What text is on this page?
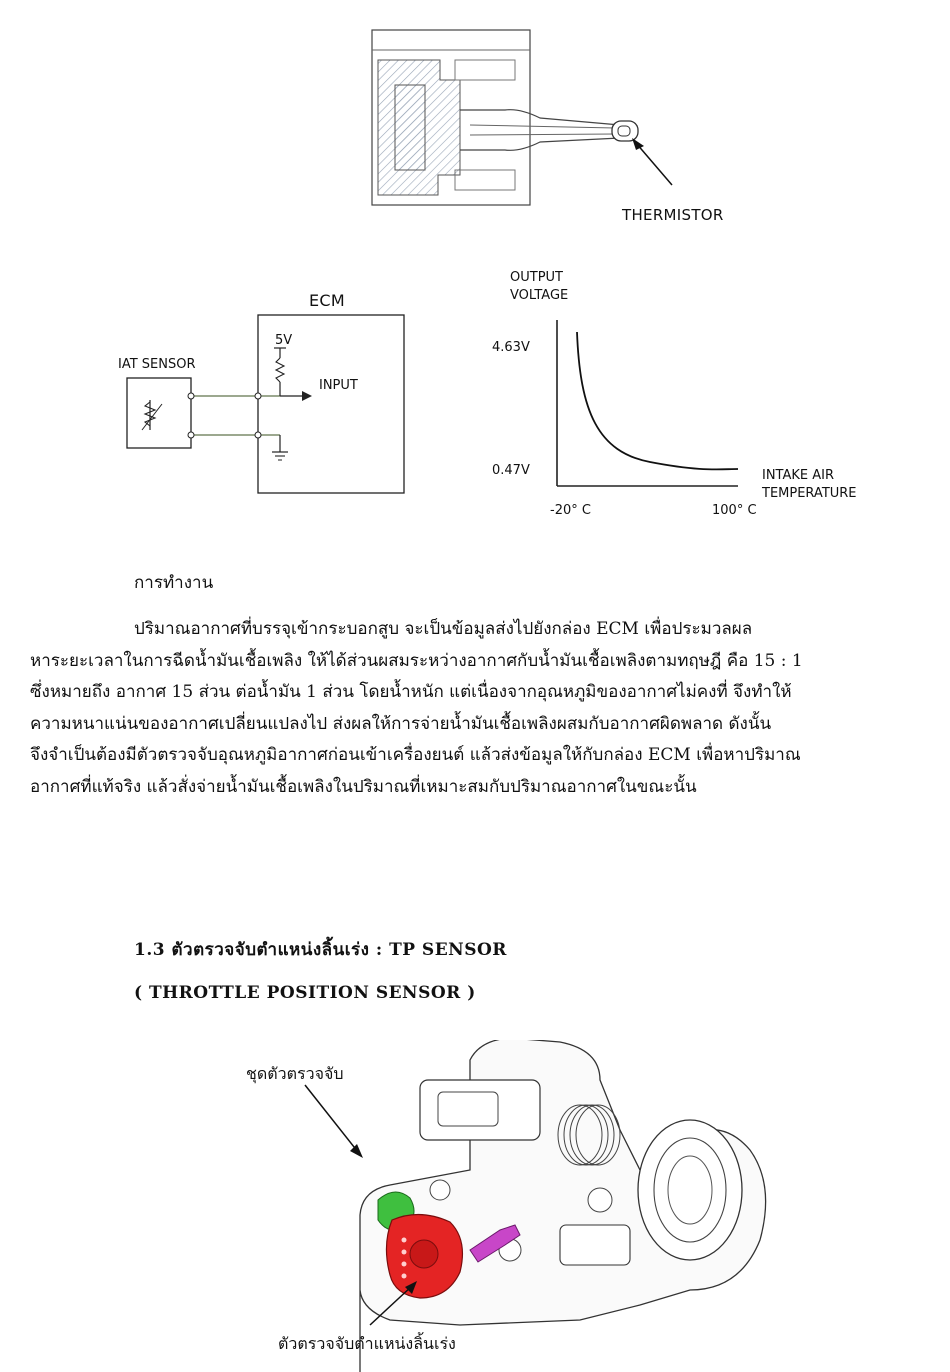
THERMISTOR
ECM
5V
INPUT
IAT SENSOR
OUTPUT
VOLTAGE
4.63V
0.47V	INTAKE AIR
TEMPERATURE
-20° C	100° C
การทำงาน
ปริมาณอากาศที่บรรจุเข้ากระบอกสูบ จะเป็นข้อมูลส่งไปยังกล่อง ECM เพื่อประมวลผล
หาระยะเวลาในการฉีดน้ำมันเชื้อเพลิง ให้ได้ส่วนผสมระหว่างอากาศกับน้ำมันเชื้อเพลิงตามทฤษฎี คือ 15 : 1
ซึ่งหมายถึง อากาศ 15 ส่วน ต่อน้ำมัน 1 ส่วน โดยน้ำหนัก แต่เนื่องจากอุณหภูมิของอากาศไม่คงที่ จึงทำให้
ความหนาแน่นของอากาศเปลี่ยนแปลงไป ส่งผลให้การจ่ายน้ำมันเชื้อเพลิงผสมกับอากาศผิดพลาด ดังนั้น
จึงจำเป็นต้องมีตัวตรวจจับอุณหภูมิอากาศก่อนเข้าเครื่องยนต์ แล้วส่งข้อมูลให้กับกล่อง ECM เพื่อหาปริมาณ
อากาศที่แท้จริง แล้วสั่งจ่ายน้ำมันเชื้อเพลิงในปริมาณที่เหมาะสมกับปริมาณอากาศในขณะนั้น
1.3 ตัวตรวจจับตำแหน่งลิ้นเร่ง : TP SENSOR
( THROTTLE POSITION SENSOR )
ชุดตัวตรวจจับ
ตัวตรวจจับตำแหน่งลิ้นเร่ง
